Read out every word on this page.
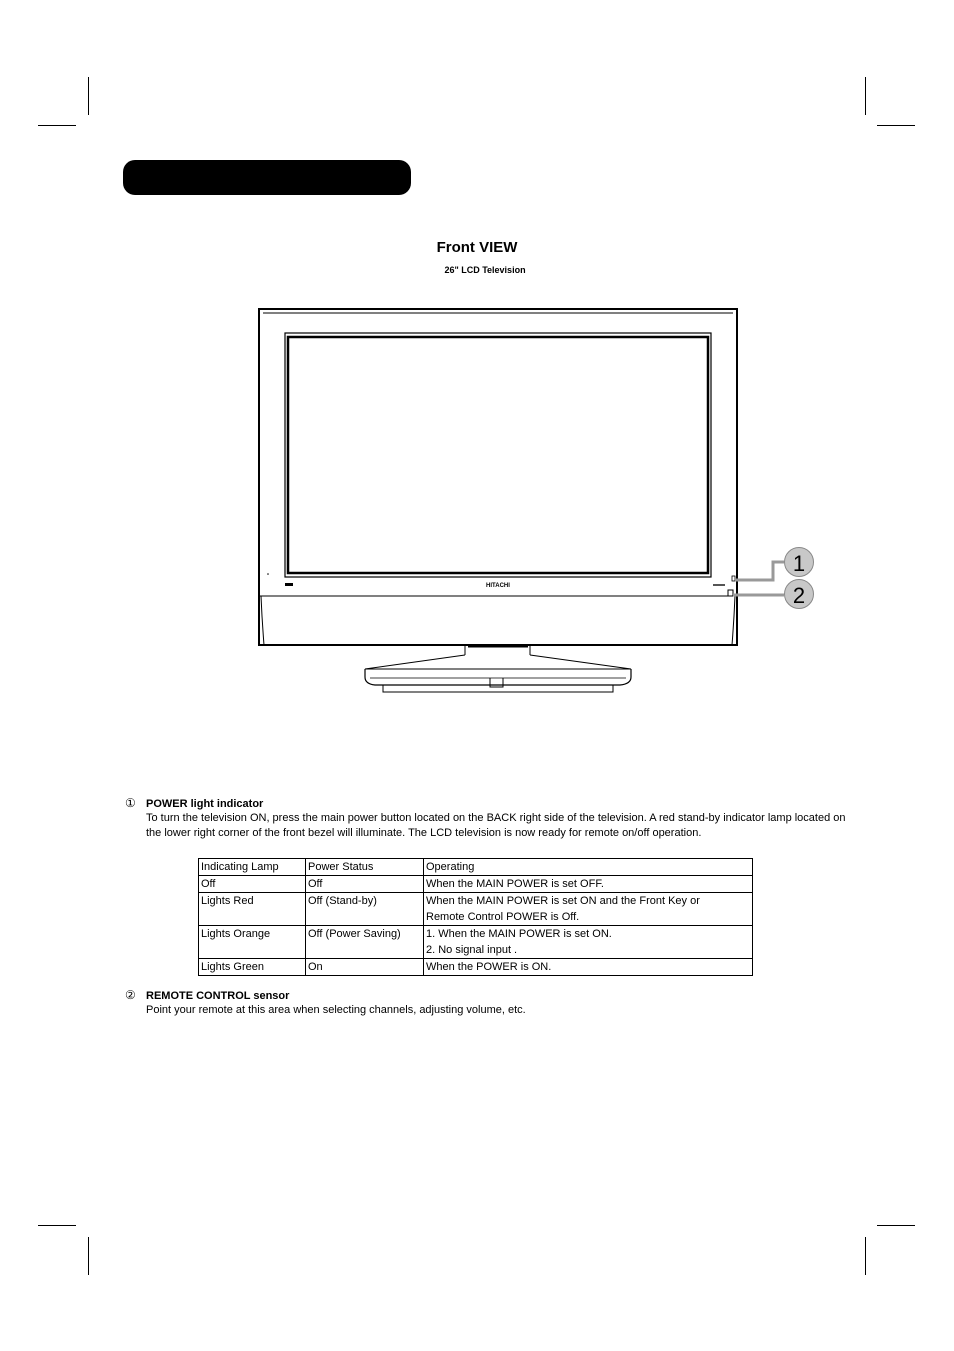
Front VIEW
26" LCD Television
HITACHI
1
2
① POWER light indicator
To turn the television ON, press the main power button located on the BACK right side of the television. A red stand-by indicator lamp located on the lower right corner of the front bezel will illuminate. The LCD television is now ready for remote on/off operation.
Indicating Lamp	Power Status	Operating
Off	Off	When the MAIN POWER is set OFF.
Lights Red	Off (Stand-by)	When the MAIN POWER is set ON and the Front Key or
Remote Control POWER is Off.

Lights Orange	Off (Power Saving)	1. When the MAIN POWER is set ON.
2. No signal input .

Lights Green	On	When the POWER is ON.
② REMOTE CONTROL sensor
Point your remote at this area when selecting channels, adjusting volume, etc.
